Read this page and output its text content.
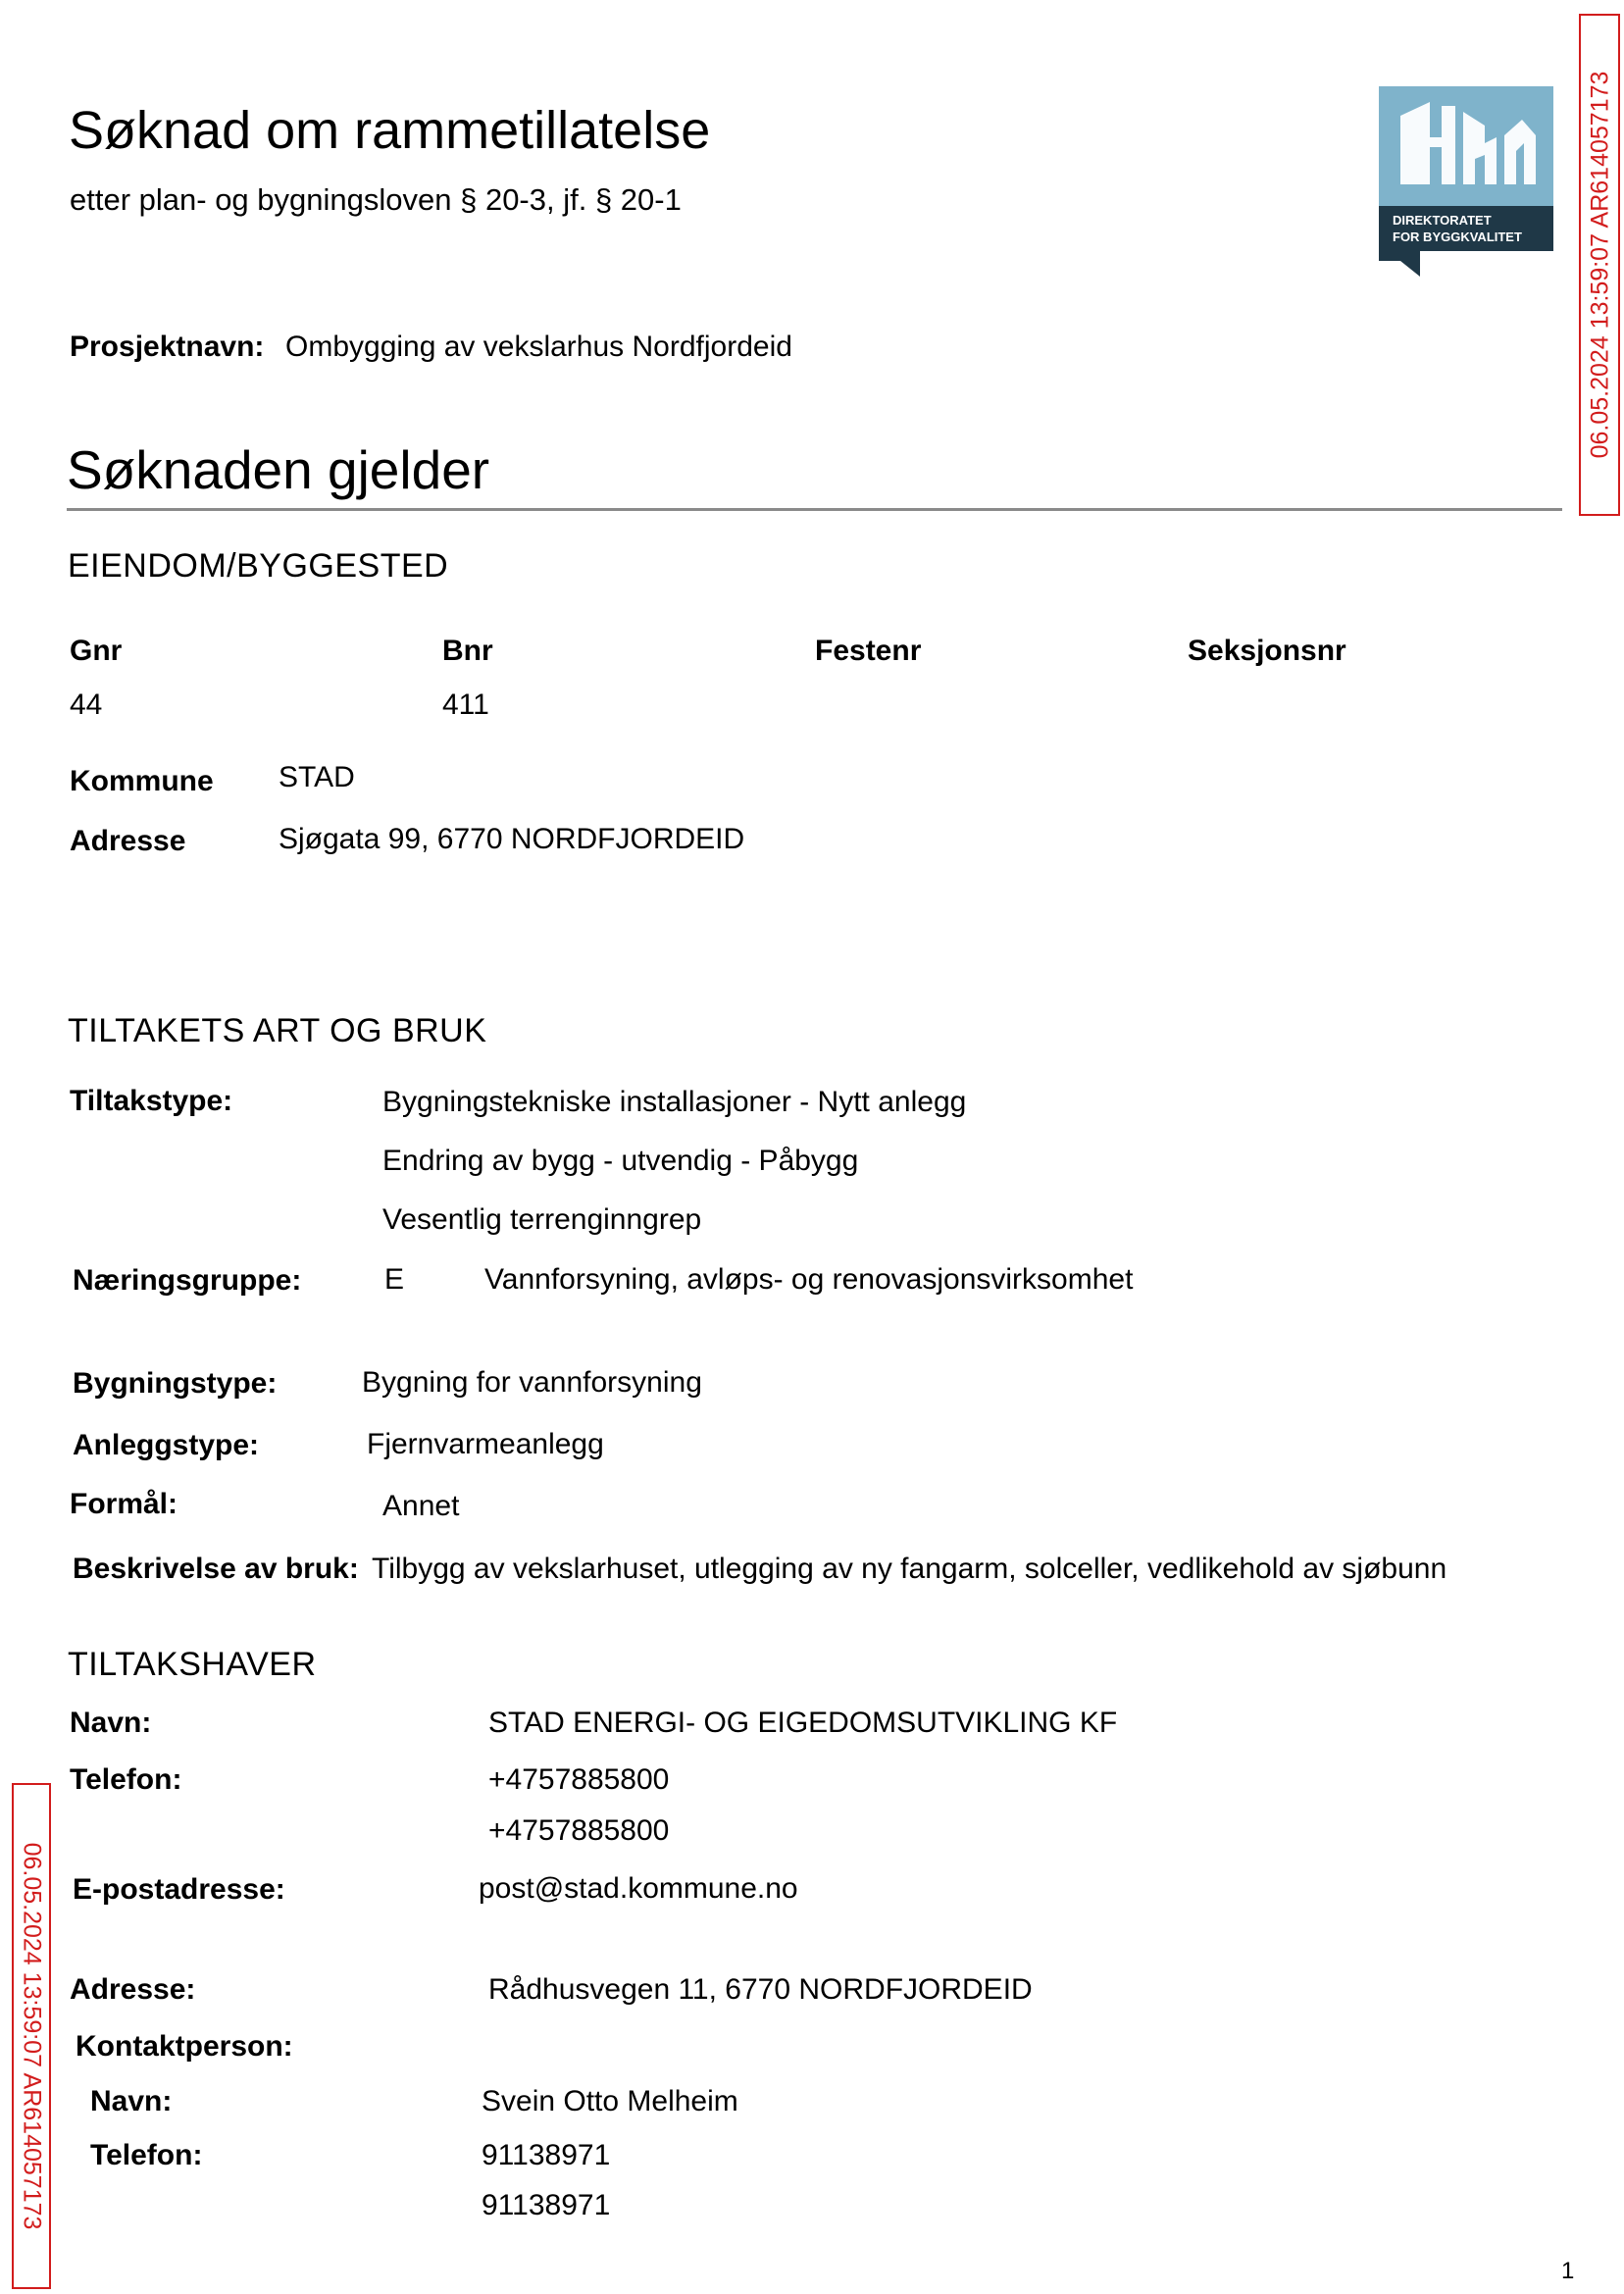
Søknad om rammetillatelse
etter plan- og bygningsloven § 20-3, jf. § 20-1
DIREKTORATET
FOR BYGGKVALITET	06.05.2024 13:59:07 AR614057173
06.05.2024 13:59:07 AR614057173
Prosjektnavn: Ombygging av vekslarhus Nordfjordeid
Søknaden gjelder
EIENDOM/BYGGESTED
Gnr	Bnr	Festenr	Seksjonsnr
44	411
Kommune STAD
Adresse	Sjøgata 99, 6770 NORDFJORDEID
TILTAKETS ART OG BRUK
Tiltakstype:	Bygningstekniske installasjoner - Nytt anlegg
Endring av bygg - utvendig - Påbygg
Vesentlig terrenginngrep
Næringsgruppe:	E	Vannforsyning, avløps- og renovasjonsvirksomhet
Bygningstype:	Bygning for vannforsyning
Anleggstype:	Fjernvarmeanlegg
Formål:	Annet
Beskrivelse av bruk: Tilbygg av vekslarhuset, utlegging av ny fangarm, solceller, vedlikehold av sjøbunn
TILTAKSHAVER
Navn:	STAD ENERGI- OG EIGEDOMSUTVIKLING KF
Telefon:	+4757885800
+4757885800
E-postadresse:	post@stad.kommune.no
Adresse:	Rådhusvegen 11, 6770 NORDFJORDEID
Kontaktperson:
Navn:	Svein Otto Melheim
Telefon:	91138971
91138971
1
